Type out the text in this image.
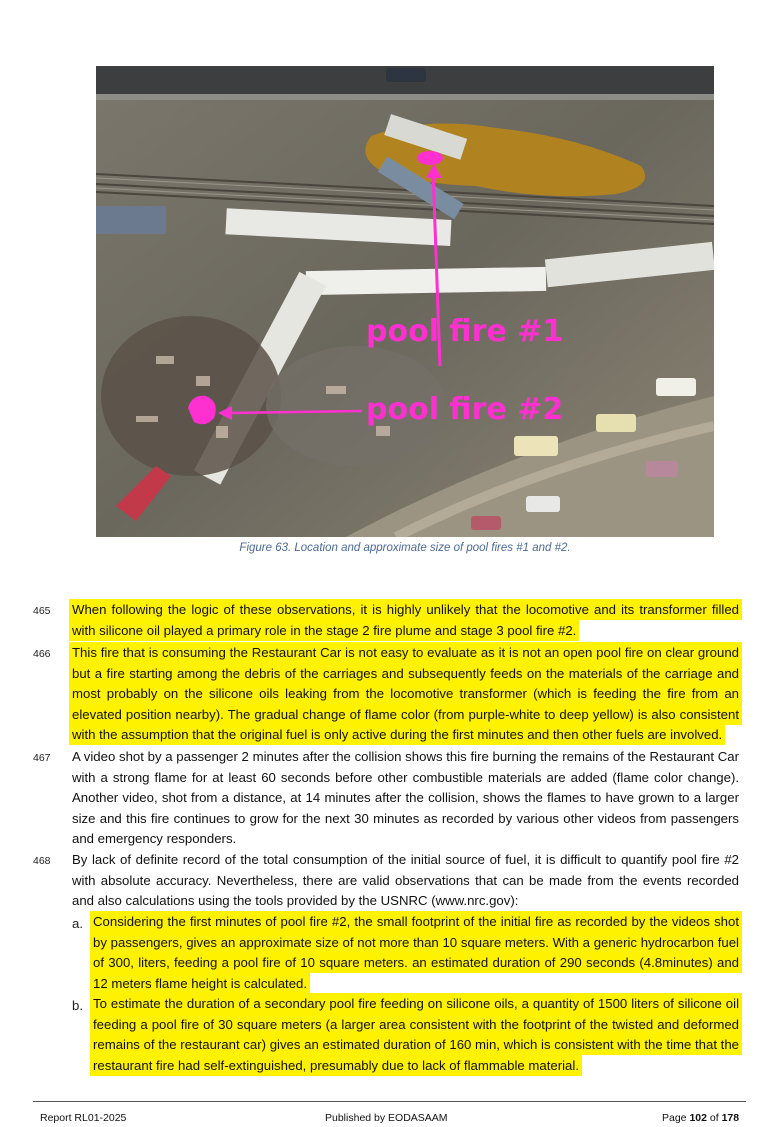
pool fire #1
pool fire #2
Figure 63. Location and approximate size of pool fires #1 and #2.
465 When following the logic of these observations, it is highly unlikely that the locomotive and its transformer filled with silicone oil played a primary role in the stage 2 fire plume and stage 3 pool fire #2.

466 This fire that is consuming the Restaurant Car is not easy to evaluate as it is not an open pool fire on clear ground but a fire starting among the debris of the carriages and subsequently feeds on the materials of the carriage and most probably on the silicone oils leaking from the locomotive transformer (which is feeding the fire from an elevated position nearby). The gradual change of flame color (from purple-white to deep yellow) is also consistent with the assumption that the original fuel is only active during the first minutes and then other fuels are involved.

467 A video shot by a passenger 2 minutes after the collision shows this fire burning the remains of the Restaurant Car with a strong flame for at least 60 seconds before other combustible materials are added (flame color change). Another video, shot from a distance, at 14 minutes after the collision, shows the flames to have grown to a larger size and this fire continues to grow for the next 30 minutes as recorded by various other videos from passengers and emergency responders.

468 By lack of definite record of the total consumption of the initial source of fuel, it is difficult to quantify pool fire #2 with absolute accuracy. Nevertheless, there are valid observations that can be made from the events recorded and also calculations using the tools provided by the USNRC (www.nrc.gov):

a. Considering the first minutes of pool fire #2, the small footprint of the initial fire as recorded by the videos shot by passengers, gives an approximate size of not more than 10 square meters. With a generic hydrocarbon fuel of 300, liters, feeding a pool fire of 10 square meters. an estimated duration of 290 seconds (4.8minutes) and 12 meters flame height is calculated.

b. To estimate the duration of a secondary pool fire feeding on silicone oils, a quantity of 1500 liters of silicone oil feeding a pool fire of 30 square meters (a larger area consistent with the footprint of the twisted and deformed remains of the restaurant car) gives an estimated duration of 160 min, which is consistent with the time that the restaurant fire had self-extinguished, presumably due to lack of flammable material.

Report RL01-2025	Published by EODASAAM	Page 102 of 178
